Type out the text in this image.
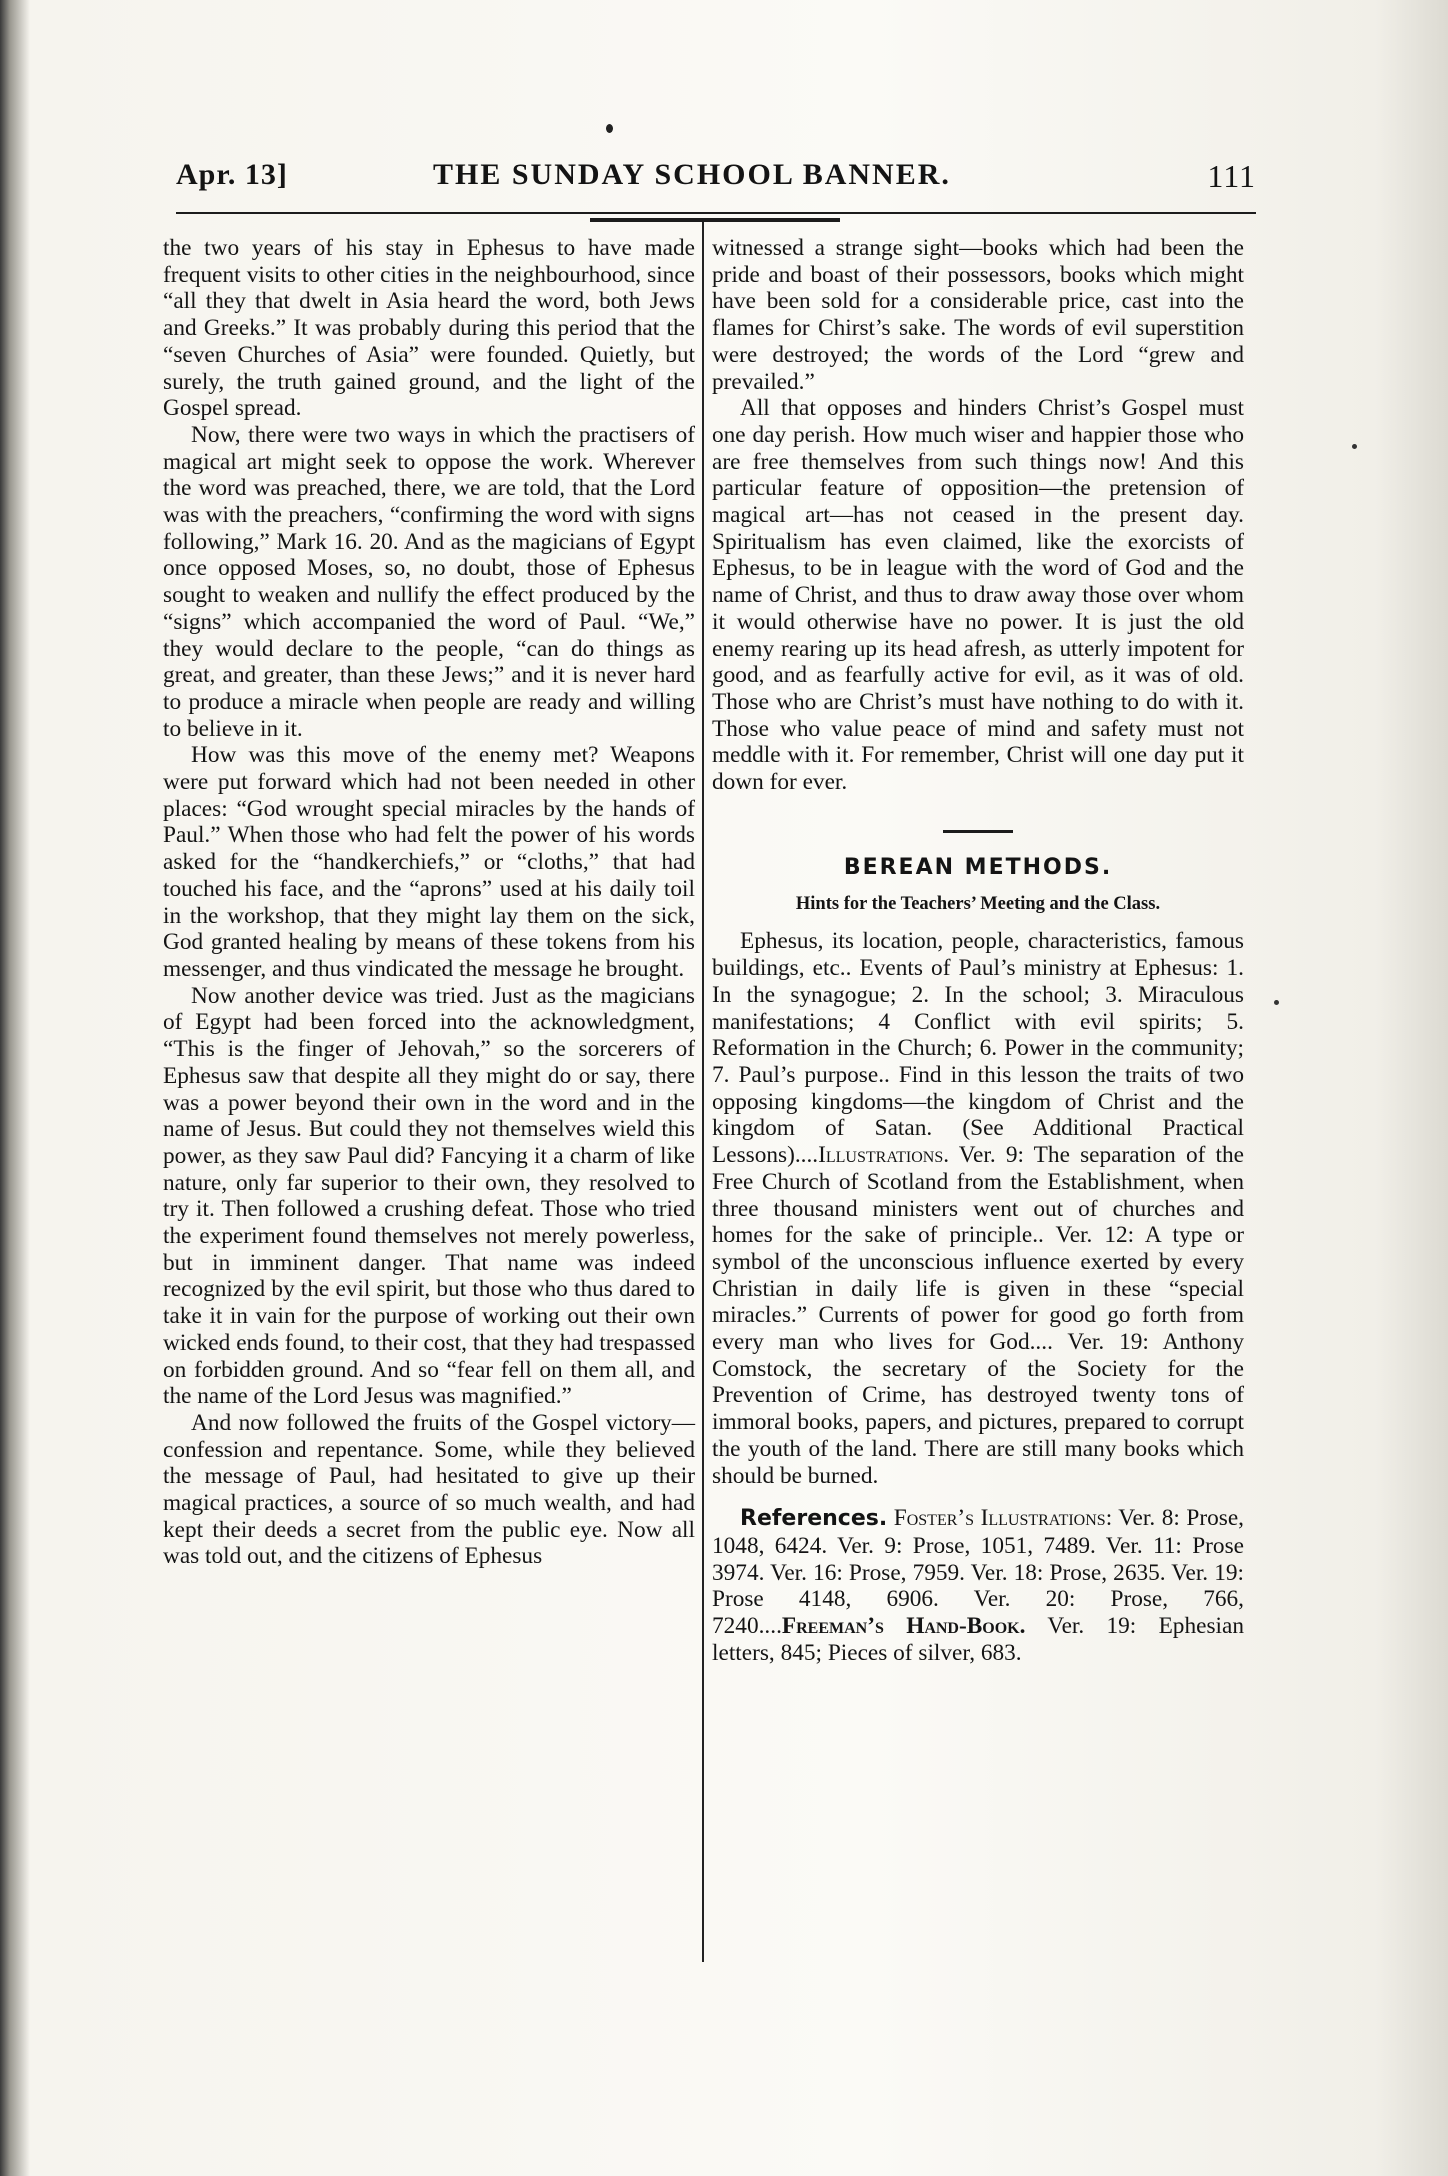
Apr. 13]	THE SUNDAY SCHOOL BANNER.	111

the two years of his stay in Ephesus to have made frequent visits to other cities in the neighbourhood, since “all they that dwelt in Asia heard the word, both Jews and Greeks.” It was probably during this period that the “seven Churches of Asia” were founded. Quietly, but surely, the truth gained ground, and the light of the Gospel spread.

Now, there were two ways in which the practisers of magical art might seek to oppose the work. Wherever the word was preached, there, we are told, that the Lord was with the preachers, “confirming the word with signs following,” Mark 16. 20. And as the magicians of Egypt once opposed Moses, so, no doubt, those of Ephesus sought to weaken and nullify the effect produced by the “signs” which accompanied the word of Paul. “We,” they would declare to the people, “can do things as great, and greater, than these Jews;” and it is never hard to produce a miracle when people are ready and willing to believe in it.

How was this move of the enemy met? Weapons were put forward which had not been needed in other places: “God wrought special miracles by the hands of Paul.” When those who had felt the power of his words asked for the “handkerchiefs,” or “cloths,” that had touched his face, and the “aprons” used at his daily toil in the workshop, that they might lay them on the sick, God granted healing by means of these tokens from his messenger, and thus vindicated the message he brought.

Now another device was tried. Just as the magicians of Egypt had been forced into the acknowledgment, “This is the finger of Jehovah,” so the sorcerers of Ephesus saw that despite all they might do or say, there was a power beyond their own in the word and in the name of Jesus. But could they not themselves wield this power, as they saw Paul did? Fancying it a charm of like nature, only far superior to their own, they resolved to try it. Then followed a crushing defeat. Those who tried the experiment found themselves not merely powerless, but in imminent danger. That name was indeed recognized by the evil spirit, but those who thus dared to take it in vain for the purpose of working out their own wicked ends found, to their cost, that they had trespassed on forbidden ground. And so “fear fell on them all, and the name of the Lord Jesus was magnified.”

And now followed the fruits of the Gospel victory—confession and repentance. Some, while they believed the message of Paul, had hesitated to give up their magical practices, a source of so much wealth, and had kept their deeds a secret from the public eye. Now all was told out, and the citizens of Ephesus

witnessed a strange sight—books which had been the pride and boast of their possessors, books which might have been sold for a considerable price, cast into the flames for Chirst’s sake. The words of evil superstition were destroyed; the words of the Lord “grew and prevailed.”

All that opposes and hinders Christ’s Gospel must one day perish. How much wiser and happier those who are free themselves from such things now! And this particular feature of opposition—the pretension of magical art—has not ceased in the present day. Spiritualism has even claimed, like the exorcists of Ephesus, to be in league with the word of God and the name of Christ, and thus to draw away those over whom it would otherwise have no power. It is just the old enemy rearing up its head afresh, as utterly impotent for good, and as fearfully active for evil, as it was of old. Those who are Christ’s must have nothing to do with it. Those who value peace of mind and safety must not meddle with it. For remember, Christ will one day put it down for ever.

BEREAN METHODS.
Hints for the Teachers’ Meeting and the Class.

Ephesus, its location, people, characteristics, famous buildings, etc.. Events of Paul’s ministry at Ephesus: 1. In the synagogue; 2. In the school; 3. Miraculous manifestations; 4 Conflict with evil spirits; 5. Reformation in the Church; 6. Power in the community; 7. Paul’s purpose.. Find in this lesson the traits of two opposing kingdoms—the kingdom of Christ and the kingdom of Satan. (See Additional Practical Lessons)....Illustrations. Ver. 9: The separation of the Free Church of Scotland from the Establishment, when three thousand ministers went out of churches and homes for the sake of principle.. Ver. 12: A type or symbol of the unconscious influence exerted by every Christian in daily life is given in these “special miracles.” Currents of power for good go forth from every man who lives for God.... Ver. 19: Anthony Comstock, the secretary of the Society for the Prevention of Crime, has destroyed twenty tons of immoral books, papers, and pictures, prepared to corrupt the youth of the land. There are still many books which should be burned.

References. Foster’s Illustrations: Ver. 8: Prose, 1048, 6424. Ver. 9: Prose, 1051, 7489. Ver. 11: Prose 3974. Ver. 16: Prose, 7959. Ver. 18: Prose, 2635. Ver. 19: Prose 4148, 6906. Ver. 20: Prose, 766, 7240....Freeman’s Hand-Book. Ver. 19: Ephesian letters, 845; Pieces of silver, 683.
